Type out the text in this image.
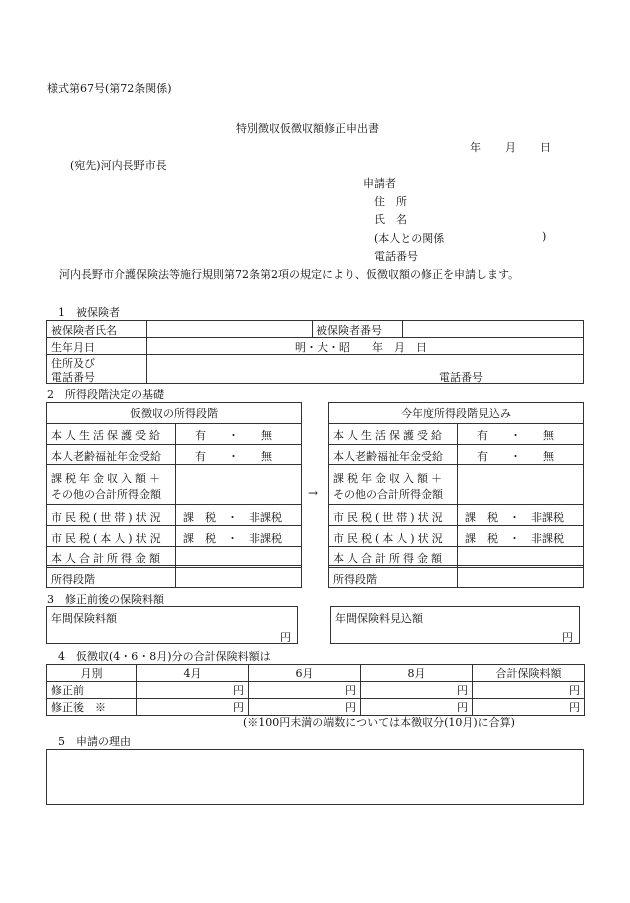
様式第67号(第72条関係)
特別徴収仮徴収額修正申出書
年 月 日
(宛先)河内長野市長
申請者
住　所
氏　名
(本人との関係	)
電話番号
河内長野市介護保険法等施行規則第72条第2項の規定により、仮徴収額の修正を申請します。
1　被保険者
被保険者氏名	被保険者番号
生年月日	明・大・昭　　年　月　日
住所及び
電話番号	電話番号
2　所得段階決定の基礎
仮徴収の所得段階
本人生活保護受給	有　　・　　無
本人老齢福祉年金受給	有　　・　　無
課税年金収入額＋
その他の合計所得金額
市民税(世帯)状況 課　税　・　非課税
市民税(本人)状況 課　税　・　非課税
本人合計所得金額
所得段階
→
今年度所得段階見込み
本人生活保護受給	有　　・　　無
本人老齢福祉年金受給	有　　・　　無
課税年金収入額＋
その他の合計所得金額
市民税(世帯)状況 課　税　・　非課税
市民税(本人)状況 課　税　・　非課税
本人合計所得金額
所得段階
3　修正前後の保険料額
年間保険料額
円
年間保険料見込額
円
4　仮徴収(4・6・8月)分の合計保険料額は
月別	4月	6月	8月	合計保険料額
修正前	円	円	円	円
修正後　※	円	円	円	円
(※100円未満の端数については本徴収分(10月)に合算)
5　申請の理由
